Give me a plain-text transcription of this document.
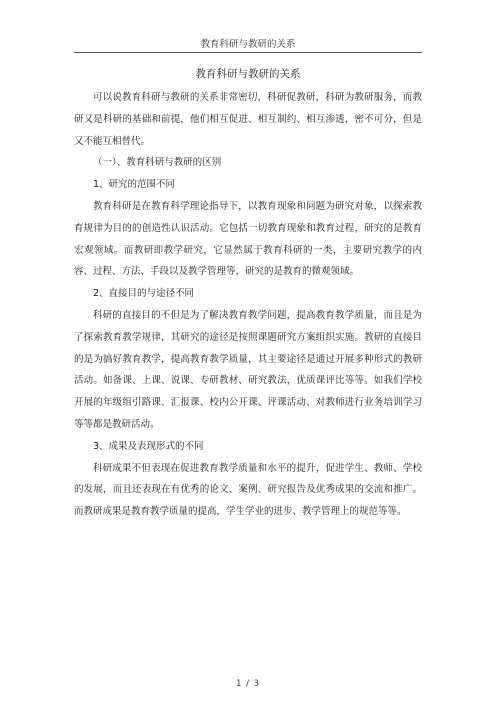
教育科研与教研的关系
教育科研与教研的关系

可以说教育科研与教研的关系非常密切，科研促教研，科研为教研服务，而教研又是科研的基础和前提，他们相互促进、相互制约、相互渗透，密不可分，但是又不能互相替代。

（一）、教育科研与教研的区别

1、研究的范围不同

教育科研是在教育科学理论指导下，以教育现象和问题为研究对象，以探索教育规律为目的的创造性认识活动。它包括一切教育现象和教育过程，研究的是教育宏观领域。而教研即教学研究，它显然属于教育科研的一类，主要研究教学的内容、过程、方法、手段以及教学管理等，研究的是教育的微观领域。

2、直接目的与途径不同

科研的直接目的不但是为了解决教育教学问题，提高教育教学质量，而且是为了探索教育教学规律，其研究的途径是按照课题研究方案组织实施。教研的直接目的是为搞好教育教学，提高教育教学质量，其主要途径是通过开展多种形式的教研活动。如备课、上课、说课、专研教材、研究教法，优质课评比等等。如我们学校开展的年级组引路课、汇报课、校内公开课、评课活动、对教师进行业务培训学习等等都是教研活动。

3、成果及表现形式的不同

科研成果不但表现在促进教育教学质量和水平的提升，促进学生、教师、学校的发展，而且还表现在有优秀的论文、案例、研究报告及优秀成果的交流和推广。而教研成果是教育教学质量的提高，学生学业的进步、教学管理上的规范等等。

1 / 3
